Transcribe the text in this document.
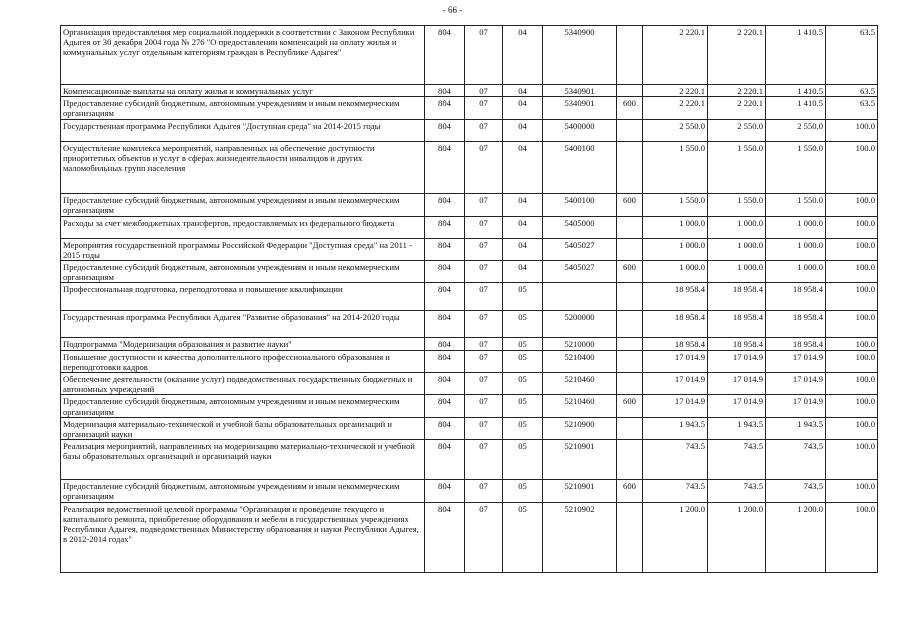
- 66 -
Организация предоставления мер социальной поддержки в соответствии с Законом Республики Адыгея от 30 декабря 2004 года № 276 "О предоставлении компенсаций на оплату жилья и коммунальных услуг отдельным категориям граждан в Республике Адыгея"	804	07	04	5340900		2 220.1	2 220.1	1 410.5	63.5
Компенсационные выплаты на оплату жилья и коммунальных услуг	804	07	04	5340901		2 220.1	2 220.1	1 410.5	63.5
Предоставление субсидий бюджетным, автономным учреждениям и иным некоммерческим организациям	804	07	04	5340901	600	2 220.1	2 220.1	1 410.5	63.5
Государственная программа Республики Адыгея "Доступная среда" на 2014-2015 годы	804	07	04	5400000		2 550.0	2 550.0	2 550.0	100.0
Осуществление комплекса мероприятий, направленных на обеспечение доступности приоритетных объектов и услуг в сферах жизнедеятельности инвалидов и других маломобильных групп населения	804	07	04	5400100		1 550.0	1 550.0	1 550.0	100.0
Предоставление субсидий бюджетным, автономным учреждениям и иным некоммерческим организациям	804	07	04	5400100	600	1 550.0	1 550.0	1 550.0	100.0
Расходы за счет межбюджетных трансфертов, предоставляемых из федерального бюджета	804	07	04	5405000		1 000.0	1 000.0	1 000.0	100.0
Мероприятия государственной программы Российской Федерации "Доступная среда" на 2011 - 2015 годы	804	07	04	5405027		1 000.0	1 000.0	1 000.0	100.0
Предоставление субсидий бюджетным, автономным учреждениям и иным некоммерческим организациям	804	07	04	5405027	600	1 000.0	1 000.0	1 000.0	100.0
Профессиональная подготовка, переподготовка и повышение квалификации	804	07	05			18 958.4	18 958.4	18 958.4	100.0
Государственная программа Республики Адыгея "Развитие образования" на 2014-2020 годы	804	07	05	5200000		18 958.4	18 958.4	18 958.4	100.0
Подпрограмма "Модернизация образования и развитие науки"	804	07	05	5210000		18 958.4	18 958.4	18 958.4	100.0
Повышение доступности и качества дополнительного профессионального образования и переподготовки кадров	804	07	05	5210400		17 014.9	17 014.9	17 014.9	100.0
Обеспечение деятельности (оказание услуг) подведомственных государственных бюджетных и автономных учреждений	804	07	05	5210460		17 014.9	17 014.9	17 014.9	100.0
Предоставление субсидий бюджетным, автономным учреждениям и иным некоммерческим организациям	804	07	05	5210460	600	17 014.9	17 014.9	17 014.9	100.0
Модернизация материально-технической и учебной базы образовательных организаций и организаций науки	804	07	05	5210900		1 943.5	1 943.5	1 943.5	100.0
Реализация мероприятий, направленных на модернизацию материально-технической и учебной базы образовательных организаций и организаций науки	804	07	05	5210901		743.5	743.5	743.5	100.0
Предоставление субсидий бюджетным, автономным учреждениям и иным некоммерческим организациям	804	07	05	5210901	600	743.5	743.5	743.5	100.0
Реализация ведомственной целевой программы "Организация и проведение текущего и капитального ремонта, приобретение оборудования и мебели в государственных учреждениях Республики Адыгея, подведомственных Министерству образования и науки Республики Адыгея, в 2012-2014 годах"	804	07	05	5210902		1 200.0	1 200.0	1 200.0	100.0
